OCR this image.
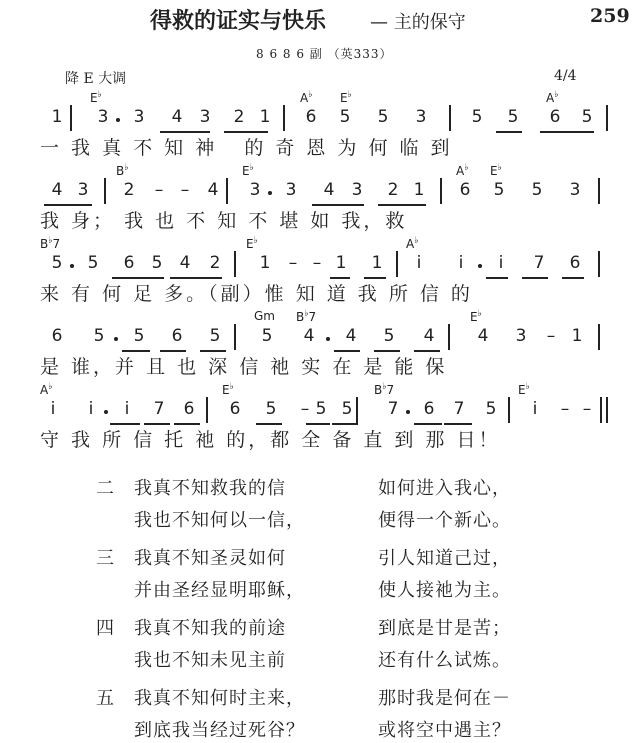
得救的证实与快乐 — 主的保守	259
8 6 8 6 副 （英333）
降 E 大调	4/4
E♭	A♭ E♭	A♭
1 3 3 4 3 2 1 6 5 5 3	5 5 6 5
一 我 真 不 知 神   的 奇 恩 为 何 临 到
B♭	E♭	A♭ E♭
4 3 2 – – 4 3 3 4 3 2 1 6 5 5 3
我 身； 我 也 不 知 不 堪 如 我，救
B♭7	E♭	A♭
5 5 6 5 4 2 1 – – 1 1	i	i	i	7 6
来 有 何 足 多。（副）惟 知 道 我 所 信 的
Gm B♭7	E♭
6 5 5 6 5 5 4 4 5 4	4 3 – 1
是 谁，并 且 也 深 信 祂 实 在 是 能 保
A♭	E♭	B♭7	E♭
i	i	i	7 6 6 5 – 5 5 7 6 7 5	i	– –
守 我 所 信 托 祂 的，都 全 备 直 到 那 日！
二 我真不知救我的信	如何进入我心，
我也不知何以一信，	便得一个新心。
三 我真不知圣灵如何	引人知道己过，
并由圣经显明耶稣，	使人接祂为主。
四 我真不知我的前途	到底是甘是苦；
我也不知未见主前	还有什么试炼。
五 我真不知何时主来，	那时我是何在－
到底我当经过死谷？	或将空中遇主？
